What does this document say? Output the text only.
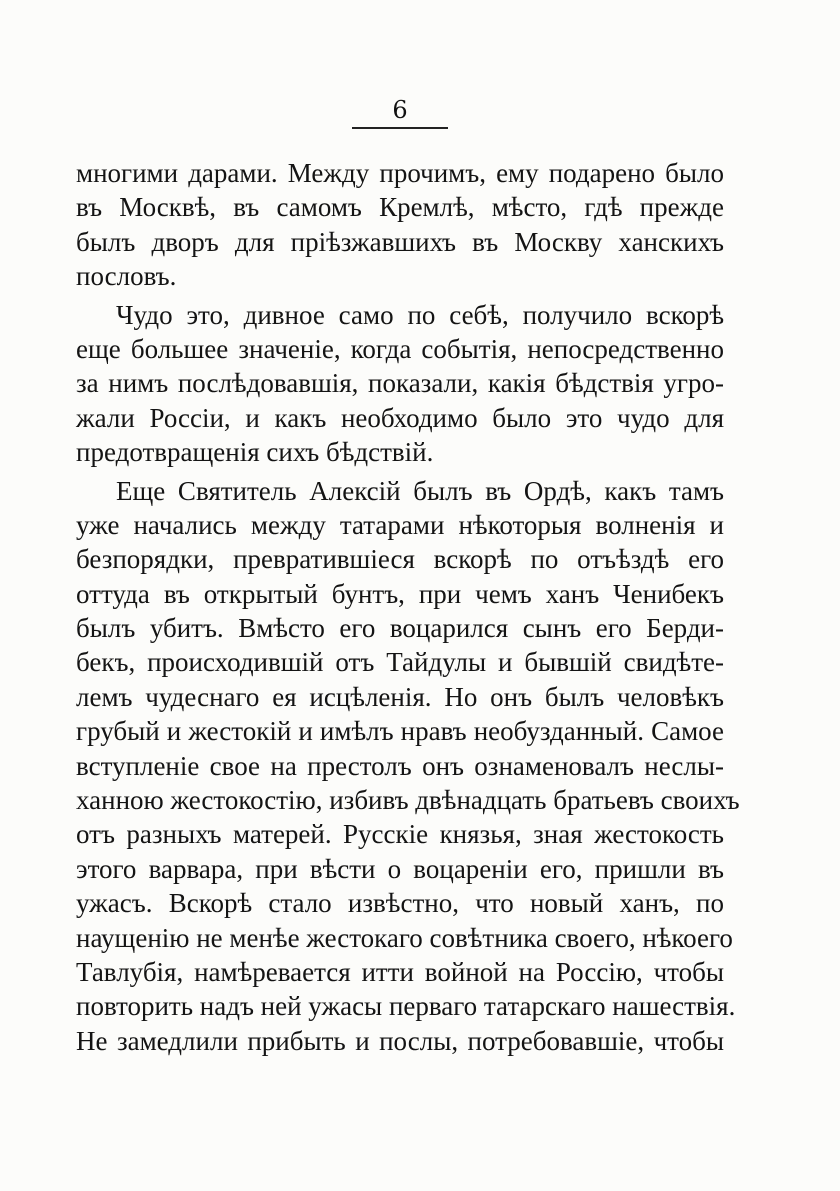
6
многими дарами. Между прочимъ, ему подарено было
въ Москвѣ, въ самомъ Кремлѣ, мѣсто, гдѣ прежде
былъ дворъ для пріѣзжавшихъ въ Москву ханскихъ
пословъ.
Чудо это, дивное само по себѣ, получило вскорѣ
еще большее значеніе, когда событія, непосредственно
за нимъ послѣдовавшія, показали, какія бѣдствія угро-
жали Россіи, и какъ необходимо было это чудо для
предотвращенія сихъ бѣдствій.
Еще Святитель Алексій былъ въ Ордѣ, какъ тамъ
уже начались между татарами нѣкоторыя волненія и
безпорядки, превратившіеся вскорѣ по отъѣздѣ его
оттуда въ открытый бунтъ, при чемъ ханъ Ченибекъ
былъ убитъ. Вмѣсто его воцарился сынъ его Берди-
бекъ, происходившій отъ Тайдулы и бывшій свидѣте-
лемъ чудеснаго ея исцѣленія. Но онъ былъ человѣкъ
грубый и жестокій и имѣлъ нравъ необузданный. Самое
вступленіе свое на престолъ онъ ознаменовалъ неслы-
ханною жестокостію, избивъ двѣнадцать братьевъ своихъ
отъ разныхъ матерей. Русскіе князья, зная жестокость
этого варвара, при вѣсти о воцареніи его, пришли въ
ужасъ. Вскорѣ стало извѣстно, что новый ханъ, по
наущенію не менѣе жестокаго совѣтника своего, нѣкоего
Тавлубія, намѣревается итти войной на Россію, чтобы
повторить надъ ней ужасы перваго татарскаго нашествія.
Не замедлили прибыть и послы, потребовавшіе, чтобы
